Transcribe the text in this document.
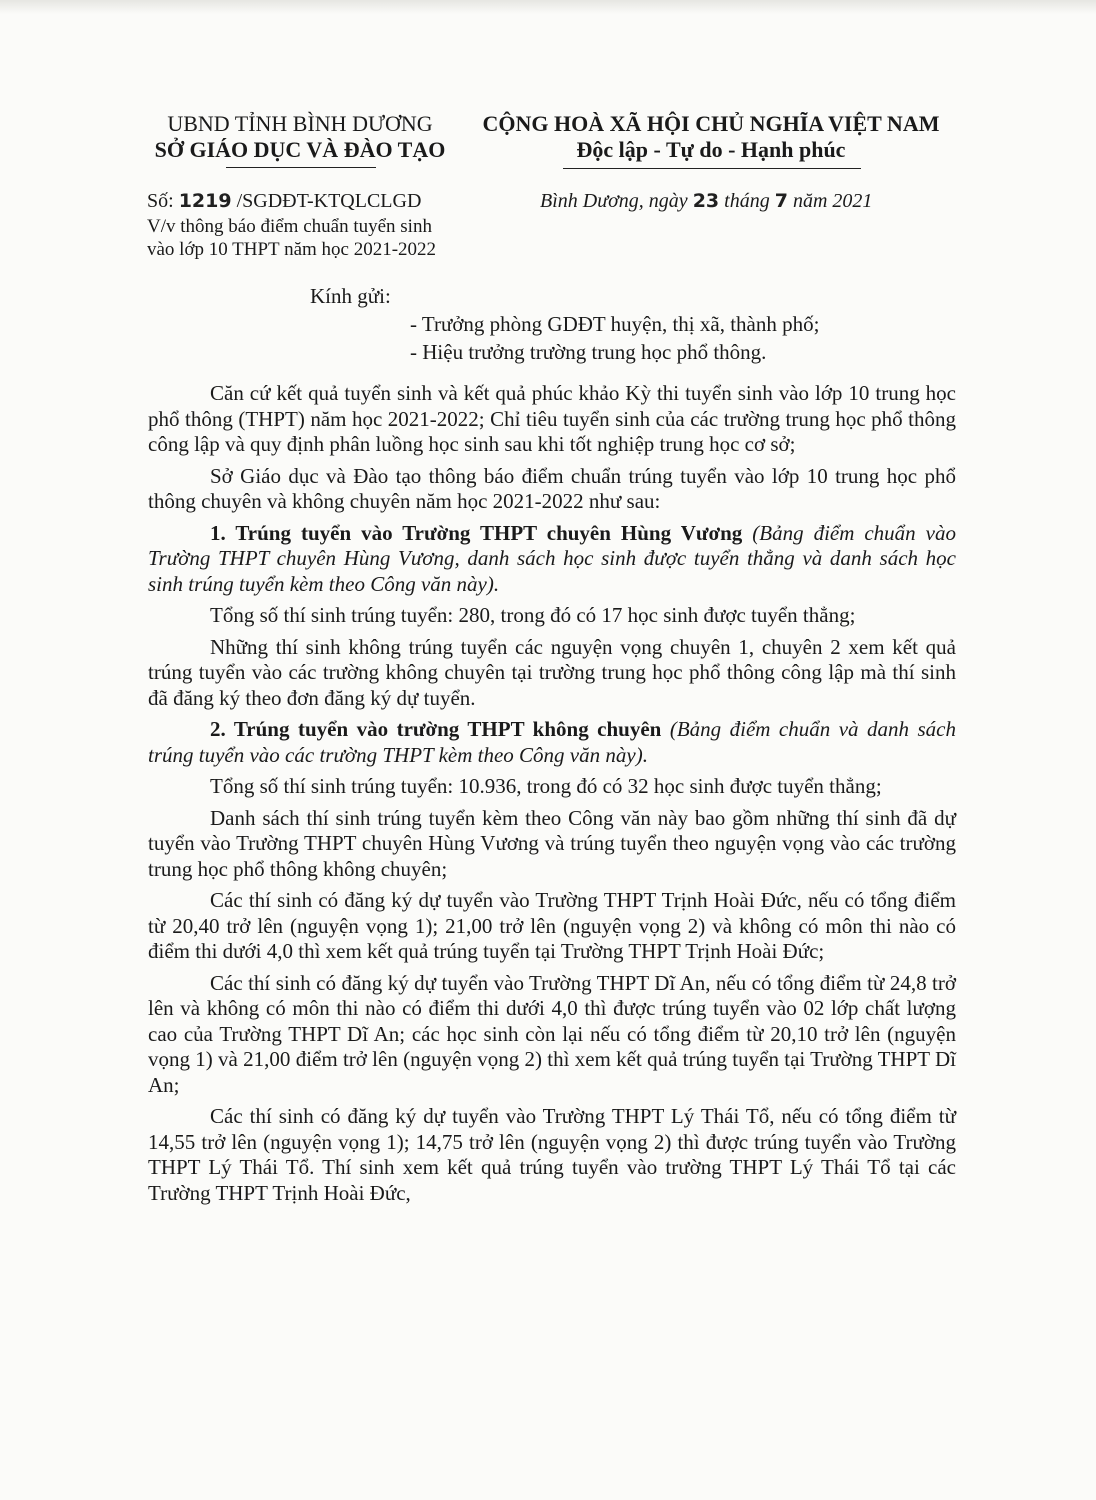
UBND TỈNH BÌNH DƯƠNG
SỞ GIÁO DỤC VÀ ĐÀO TẠO
CỘNG HOÀ XÃ HỘI CHỦ NGHĨA VIỆT NAM
Độc lập - Tự do - Hạnh phúc
Số: 1219 /SGDĐT-KTQLCLGD
V/v thông báo điểm chuẩn tuyển sinh
vào lớp 10 THPT năm học 2021-2022
Bình Dương, ngày 23 tháng 7 năm 2021
Kính gửi:
- Trưởng phòng GDĐT huyện, thị xã, thành phố;
- Hiệu trưởng trường trung học phổ thông.

Căn cứ kết quả tuyển sinh và kết quả phúc khảo Kỳ thi tuyển sinh vào lớp 10 trung học phổ thông (THPT) năm học 2021-2022; Chỉ tiêu tuyển sinh của các trường trung học phổ thông công lập và quy định phân luồng học sinh sau khi tốt nghiệp trung học cơ sở;

Sở Giáo dục và Đào tạo thông báo điểm chuẩn trúng tuyển vào lớp 10 trung học phổ thông chuyên và không chuyên năm học 2021-2022 như sau:

1. Trúng tuyển vào Trường THPT chuyên Hùng Vương (Bảng điểm chuẩn vào Trường THPT chuyên Hùng Vương, danh sách học sinh được tuyển thẳng và danh sách học sinh trúng tuyển kèm theo Công văn này).

Tổng số thí sinh trúng tuyển: 280, trong đó có 17 học sinh được tuyển thẳng;

Những thí sinh không trúng tuyển các nguyện vọng chuyên 1, chuyên 2 xem kết quả trúng tuyển vào các trường không chuyên tại trường trung học phổ thông công lập mà thí sinh đã đăng ký theo đơn đăng ký dự tuyển.

2. Trúng tuyển vào trường THPT không chuyên (Bảng điểm chuẩn và danh sách trúng tuyển vào các trường THPT kèm theo Công văn này).

Tổng số thí sinh trúng tuyển: 10.936, trong đó có 32 học sinh được tuyển thẳng;

Danh sách thí sinh trúng tuyển kèm theo Công văn này bao gồm những thí sinh đã dự tuyển vào Trường THPT chuyên Hùng Vương và trúng tuyển theo nguyện vọng vào các trường trung học phổ thông không chuyên;

Các thí sinh có đăng ký dự tuyển vào Trường THPT Trịnh Hoài Đức, nếu có tổng điểm từ 20,40 trở lên (nguyện vọng 1); 21,00 trở lên (nguyện vọng 2) và không có môn thi nào có điểm thi dưới 4,0 thì xem kết quả trúng tuyển tại Trường THPT Trịnh Hoài Đức;

Các thí sinh có đăng ký dự tuyển vào Trường THPT Dĩ An, nếu có tổng điểm từ 24,8 trở lên và không có môn thi nào có điểm thi dưới 4,0 thì được trúng tuyển vào 02 lớp chất lượng cao của Trường THPT Dĩ An; các học sinh còn lại nếu có tổng điểm từ 20,10 trở lên (nguyện vọng 1) và 21,00 điểm trở lên (nguyện vọng 2) thì xem kết quả trúng tuyển tại Trường THPT Dĩ An;

Các thí sinh có đăng ký dự tuyển vào Trường THPT Lý Thái Tổ, nếu có tổng điểm từ 14,55 trở lên (nguyện vọng 1); 14,75 trở lên (nguyện vọng 2) thì được trúng tuyển vào Trường THPT Lý Thái Tổ. Thí sinh xem kết quả trúng tuyển vào trường THPT Lý Thái Tổ tại các Trường THPT Trịnh Hoài Đức,
